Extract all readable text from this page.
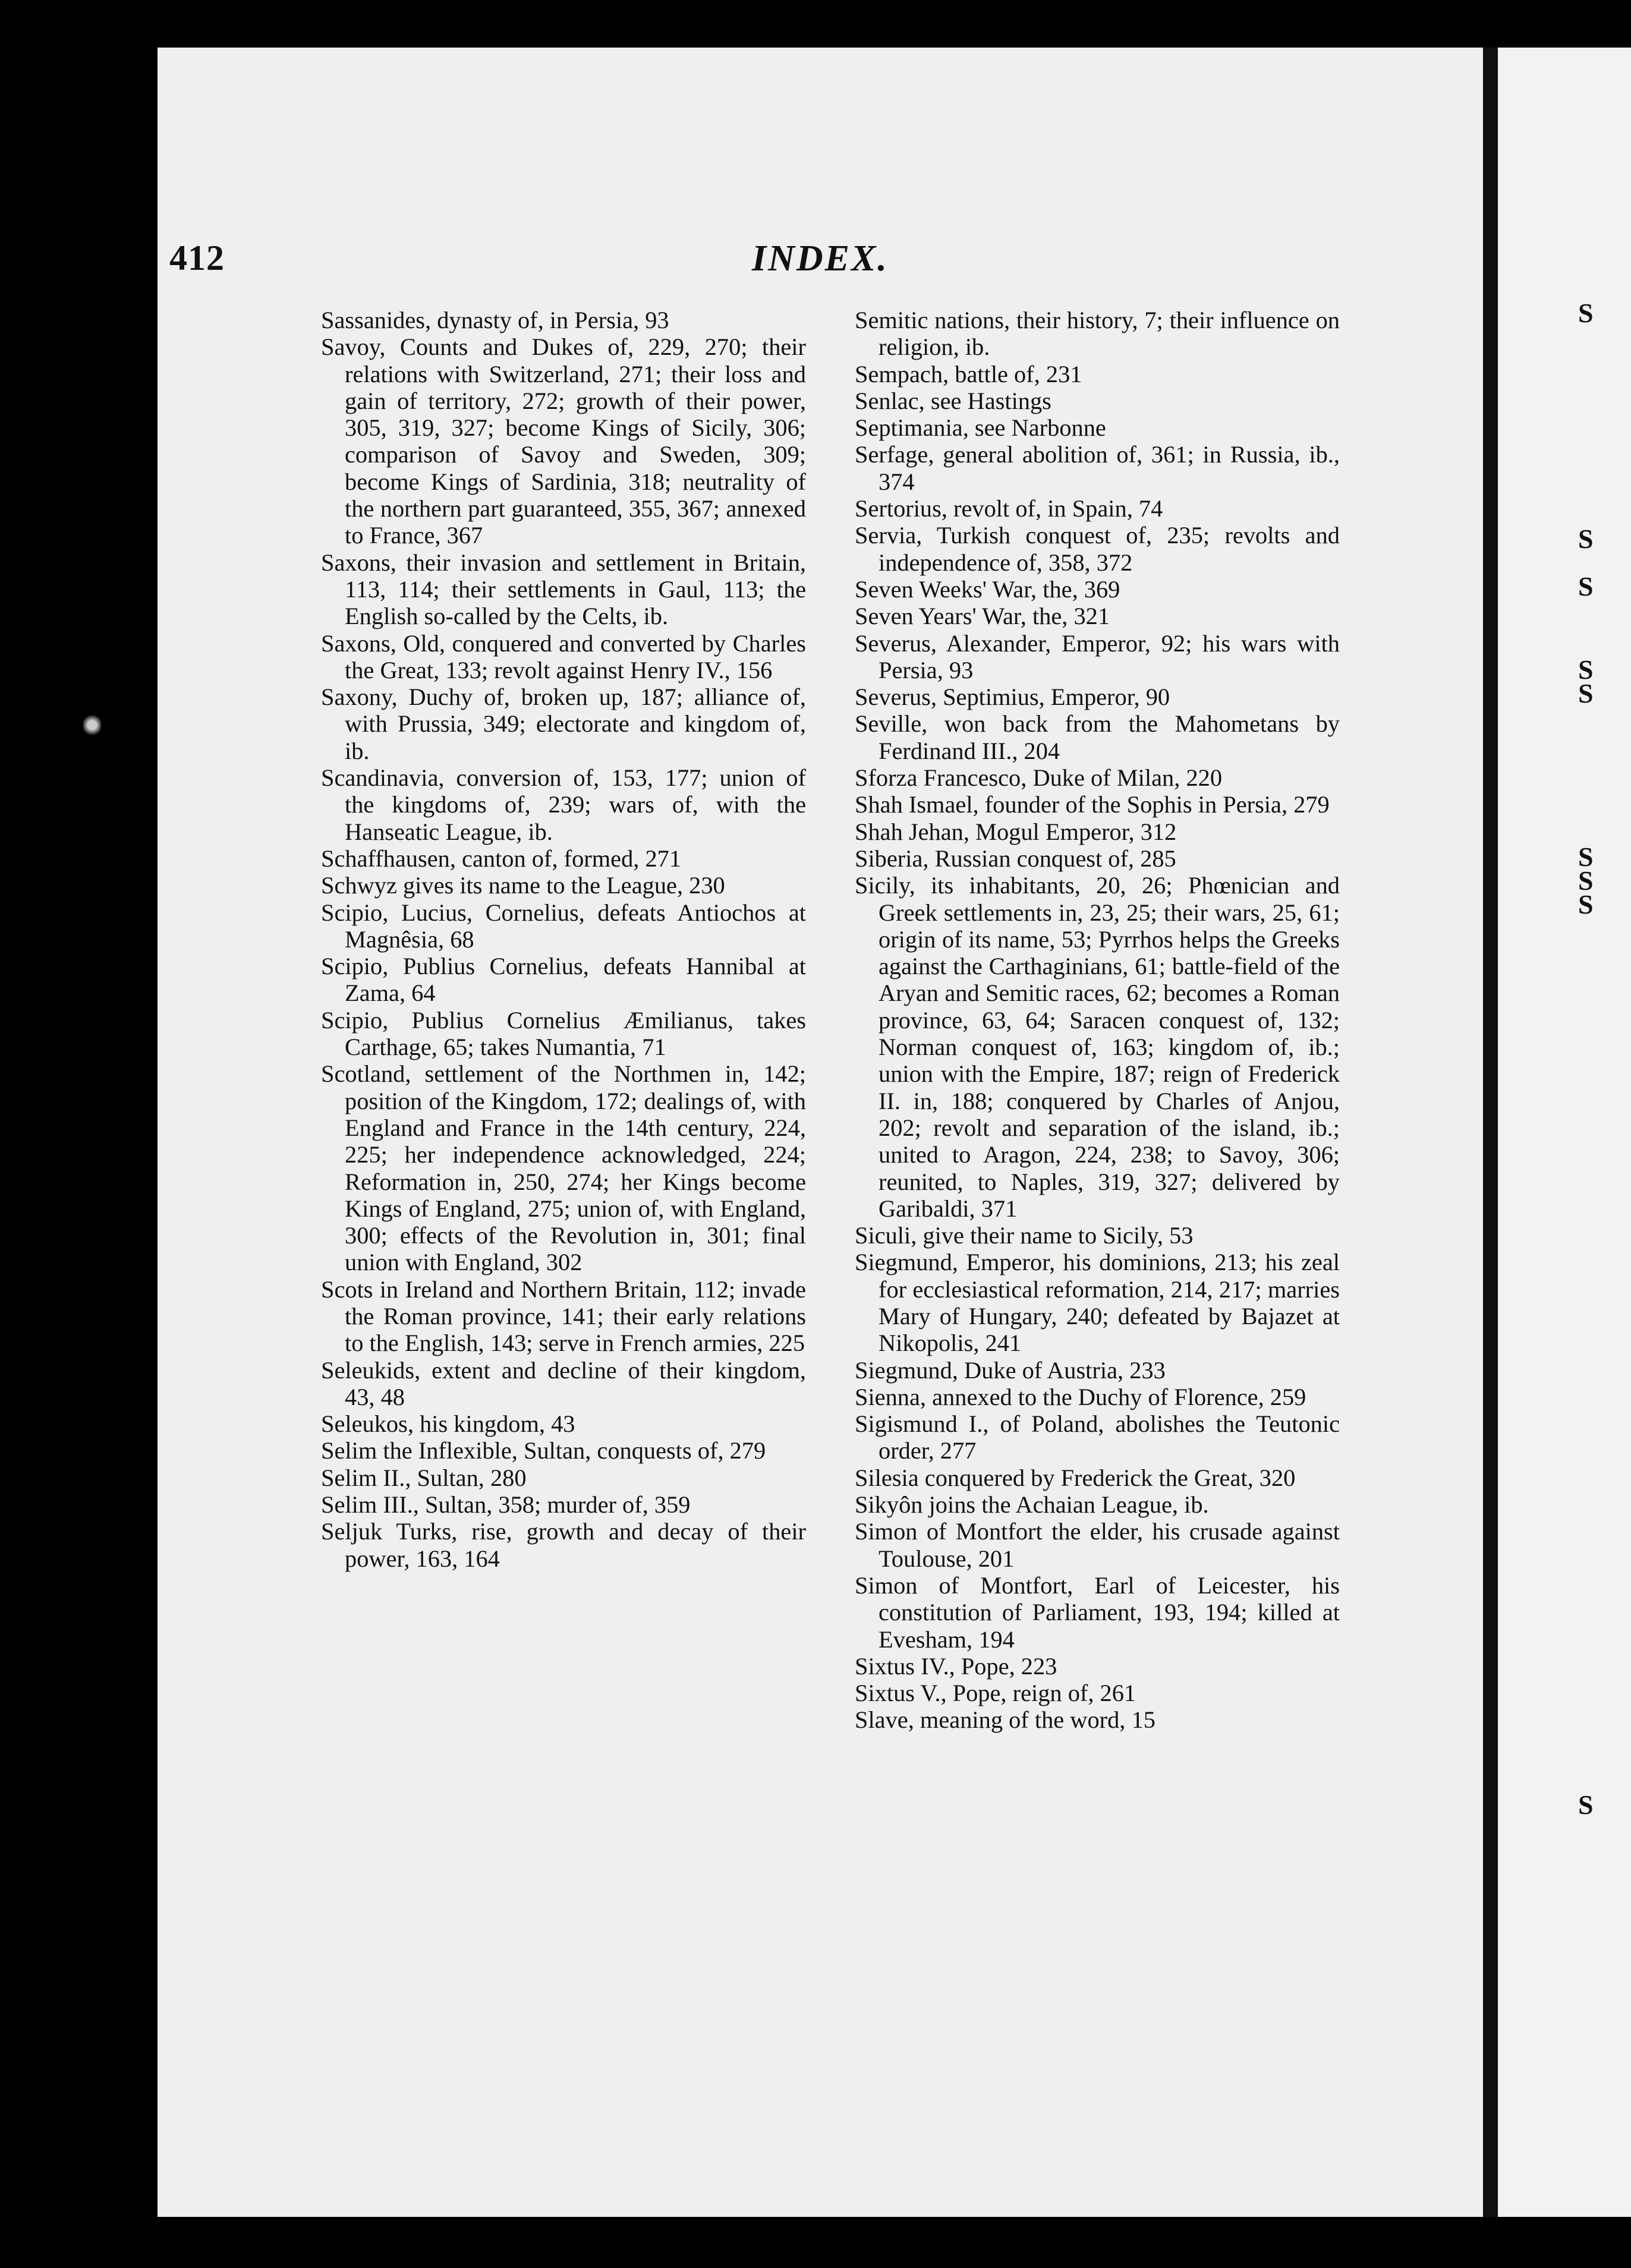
S
S
S
S
S
S
S
S
S
412	INDEX.

Sassanides, dynasty of, in Persia, 93

Savoy, Counts and Dukes of, 229, 270; their relations with Switzerland, 271; their loss and gain of territory, 272; growth of their power, 305, 319, 327; become Kings of Sicily, 306; comparison of Savoy and Sweden, 309; become Kings of Sardinia, 318; neutrality of the northern part guaranteed, 355, 367; annexed to France, 367

Saxons, their invasion and settlement in Britain, 113, 114; their settlements in Gaul, 113; the English so-called by the Celts, ib.

Saxons, Old, conquered and converted by Charles the Great, 133; revolt against Henry IV., 156

Saxony, Duchy of, broken up, 187; alliance of, with Prussia, 349; electorate and kingdom of, ib.

Scandinavia, conversion of, 153, 177; union of the kingdoms of, 239; wars of, with the Hanseatic League, ib.

Schaffhausen, canton of, formed, 271

Schwyz gives its name to the League, 230

Scipio, Lucius, Cornelius, defeats Antiochos at Magnêsia, 68

Scipio, Publius Cornelius, defeats Hannibal at Zama, 64

Scipio, Publius Cornelius Æmilianus, takes Carthage, 65; takes Numantia, 71

Scotland, settlement of the Northmen in, 142; position of the Kingdom, 172; dealings of, with England and France in the 14th century, 224, 225; her independence acknowledged, 224; Reformation in, 250, 274; her Kings become Kings of England, 275; union of, with England, 300; effects of the Revolution in, 301; final union with England, 302

Scots in Ireland and Northern Britain, 112; invade the Roman province, 141; their early relations to the English, 143; serve in French armies, 225

Seleukids, extent and decline of their kingdom, 43, 48

Seleukos, his kingdom, 43

Selim the Inflexible, Sultan, conquests of, 279

Selim II., Sultan, 280

Selim III., Sultan, 358; murder of, 359

Seljuk Turks, rise, growth and decay of their power, 163, 164

Semitic nations, their history, 7; their influence on religion, ib.

Sempach, battle of, 231

Senlac, see Hastings

Septimania, see Narbonne

Serfage, general abolition of, 361; in Russia, ib., 374

Sertorius, revolt of, in Spain, 74

Servia, Turkish conquest of, 235; revolts and independence of, 358, 372

Seven Weeks' War, the, 369

Seven Years' War, the, 321

Severus, Alexander, Emperor, 92; his wars with Persia, 93

Severus, Septimius, Emperor, 90

Seville, won back from the Mahometans by Ferdinand III., 204

Sforza Francesco, Duke of Milan, 220

Shah Ismael, founder of the Sophis in Persia, 279

Shah Jehan, Mogul Emperor, 312

Siberia, Russian conquest of, 285

Sicily, its inhabitants, 20, 26; Phœnician and Greek settlements in, 23, 25; their wars, 25, 61; origin of its name, 53; Pyrrhos helps the Greeks against the Carthaginians, 61; battle-field of the Aryan and Semitic races, 62; becomes a Roman province, 63, 64; Saracen conquest of, 132; Norman conquest of, 163; kingdom of, ib.; union with the Empire, 187; reign of Frederick II. in, 188; conquered by Charles of Anjou, 202; revolt and separation of the island, ib.; united to Aragon, 224, 238; to Savoy, 306; reunited, to Naples, 319, 327; delivered by Garibaldi, 371

Siculi, give their name to Sicily, 53

Siegmund, Emperor, his dominions, 213; his zeal for ecclesiastical reformation, 214, 217; marries Mary of Hungary, 240; defeated by Bajazet at Nikopolis, 241

Siegmund, Duke of Austria, 233

Sienna, annexed to the Duchy of Florence, 259

Sigismund I., of Poland, abolishes the Teutonic order, 277

Silesia conquered by Frederick the Great, 320

Sikyôn joins the Achaian League, ib.

Simon of Montfort the elder, his crusade against Toulouse, 201

Simon of Montfort, Earl of Leicester, his constitution of Parliament, 193, 194; killed at Evesham, 194

Sixtus IV., Pope, 223

Sixtus V., Pope, reign of, 261

Slave, meaning of the word, 15
